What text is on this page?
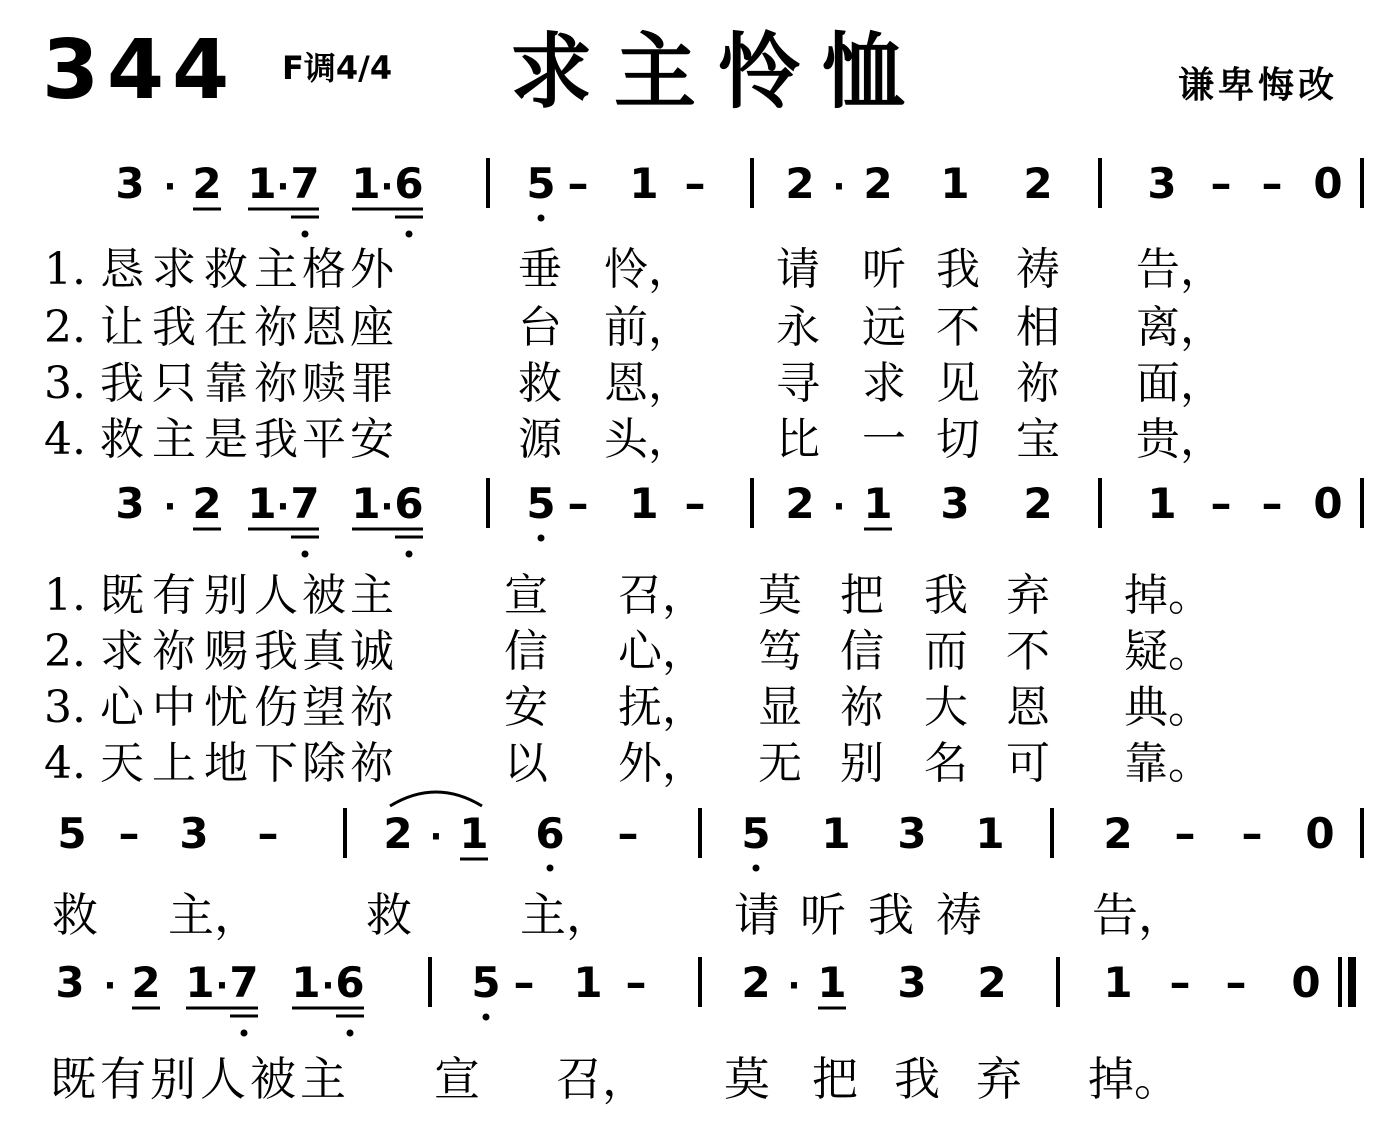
344 F调4/4 求主怜恤	谦卑悔改
3 · 2 1 · 7 1 · 6 5 – 1 – 2 · 2 1 2 3 – – 0
3 · 2 1 · 7 1 · 6 5 – 1 – 2 · 1 3 2 1 – – 0
5 – 3 – 2 · 1 6 – 5 1 3 1 2 – – 0
3 · 2 1 · 7 1 · 6	5 – 1 – 2 · 1 3 2 1 – – 0
1. 恳 求 救 主 格 外	垂 怜， 请 听 我 祷 告，
2. 让 我 在 祢 恩 座	台 前， 永 远 不 相 离，
3. 我 只 靠 祢 赎 罪	救 恩， 寻 求 见 祢 面，
4. 救 主 是 我 平 安	源 头， 比 一 切 宝 贵，
1. 既 有 别 人 被 主	宣 召， 莫 把 我 弃 掉。
2. 求 祢 赐 我 真 诚	信 心， 笃 信 而 不 疑。
3. 心 中 忧 伤 望 祢	安 抚， 显 祢 大 恩 典。
4. 天 上 地 下 除 祢	以 外， 无 别 名 可 靠。
救 主， 救 主，	请 听 我 祷 告，
既 有 别 人 被 主 宣 召， 莫 把 我 弃 掉。
